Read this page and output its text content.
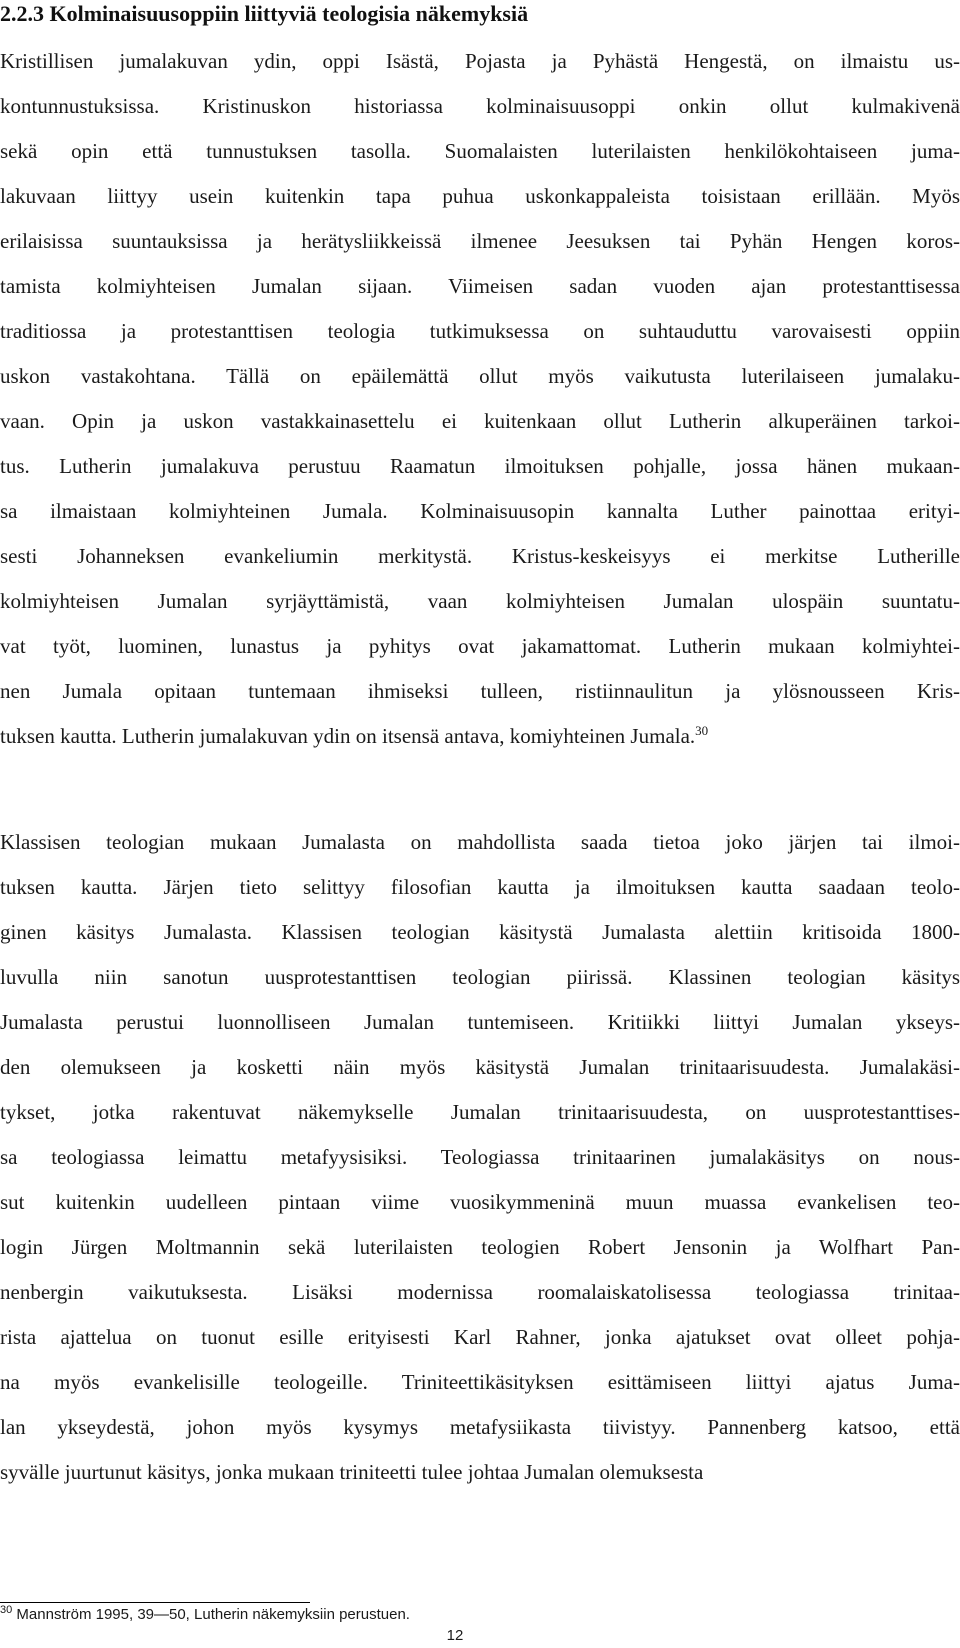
2.2.3 Kolminaisuusoppiin liittyviä teologisia näkemyksiä
Kristillisen jumalakuvan ydin, oppi Isästä, Pojasta ja Pyhästä Hengestä, on ilmaistu us-
kontunnustuksissa. Kristinuskon historiassa kolminaisuusoppi onkin ollut kulmakivenä
sekä opin että tunnustuksen tasolla. Suomalaisten luterilaisten henkilökohtaiseen juma-
lakuvaan liittyy usein kuitenkin tapa puhua uskonkappaleista toisistaan erillään. Myös
erilaisissa suuntauksissa ja herätysliikkeissä ilmenee Jeesuksen tai Pyhän Hengen koros-
tamista kolmiyhteisen Jumalan sijaan. Viimeisen sadan vuoden ajan protestanttisessa
traditiossa ja protestanttisen teologia tutkimuksessa on suhtauduttu varovaisesti oppiin
uskon vastakohtana. Tällä on epäilemättä ollut myös vaikutusta luterilaiseen jumalaku-
vaan. Opin ja uskon vastakkainasettelu ei kuitenkaan ollut Lutherin alkuperäinen tarkoi-
tus. Lutherin jumalakuva perustuu Raamatun ilmoituksen pohjalle, jossa hänen mukaan-
sa ilmaistaan kolmiyhteinen Jumala. Kolminaisuusopin kannalta Luther painottaa erityi-
sesti Johanneksen evankeliumin merkitystä. Kristus-keskeisyys ei merkitse Lutherille
kolmiyhteisen Jumalan syrjäyttämistä, vaan kolmiyhteisen Jumalan ulospäin suuntatu-
vat työt, luominen, lunastus ja pyhitys ovat jakamattomat. Lutherin mukaan kolmiyhtei-
nen Jumala opitaan tuntemaan ihmiseksi tulleen, ristiinnaulitun ja ylösnousseen Kris-
tuksen kautta. Lutherin jumalakuvan ydin on itsensä antava, komiyhteinen Jumala.$^{30}$
Klassisen teologian mukaan Jumalasta on mahdollista saada tietoa joko järjen tai ilmoi-
tuksen kautta. Järjen tieto selittyy filosofian kautta ja ilmoituksen kautta saadaan teolo-
ginen käsitys Jumalasta. Klassisen teologian käsitystä Jumalasta alettiin kritisoida 1800-
luvulla niin sanotun uusprotestanttisen teologian piirissä. Klassinen teologian käsitys
Jumalasta perustui luonnolliseen Jumalan tuntemiseen. Kritiikki liittyi Jumalan ykseys-
den olemukseen ja kosketti näin myös käsitystä Jumalan trinitaarisuudesta. Jumalakäsi-
tykset, jotka rakentuvat näkemykselle Jumalan trinitaarisuudesta, on uusprotestanttises-
sa teologiassa leimattu metafyysisiksi. Teologiassa trinitaarinen jumalakäsitys on nous-
sut kuitenkin uudelleen pintaan viime vuosikymmeninä muun muassa evankelisen teo-
login Jürgen Moltmannin sekä luterilaisten teologien Robert Jensonin ja Wolfhart Pan-
nenbergin vaikutuksesta. Lisäksi modernissa roomalaiskatolisessa teologiassa trinitaa-
rista ajattelua on tuonut esille erityisesti Karl Rahner, jonka ajatukset ovat olleet pohja-
na myös evankelisille teologeille. Triniteettikäsityksen esittämiseen liittyi ajatus Juma-
lan ykseydestä, johon myös kysymys metafysiikasta tiivistyy. Pannenberg katsoo, että
syvälle juurtunut käsitys, jonka mukaan triniteetti tulee johtaa Jumalan olemuksesta

$^{30}$ Mannström 1995, 39—50, Lutherin näkemyksiin perustuen.

12
